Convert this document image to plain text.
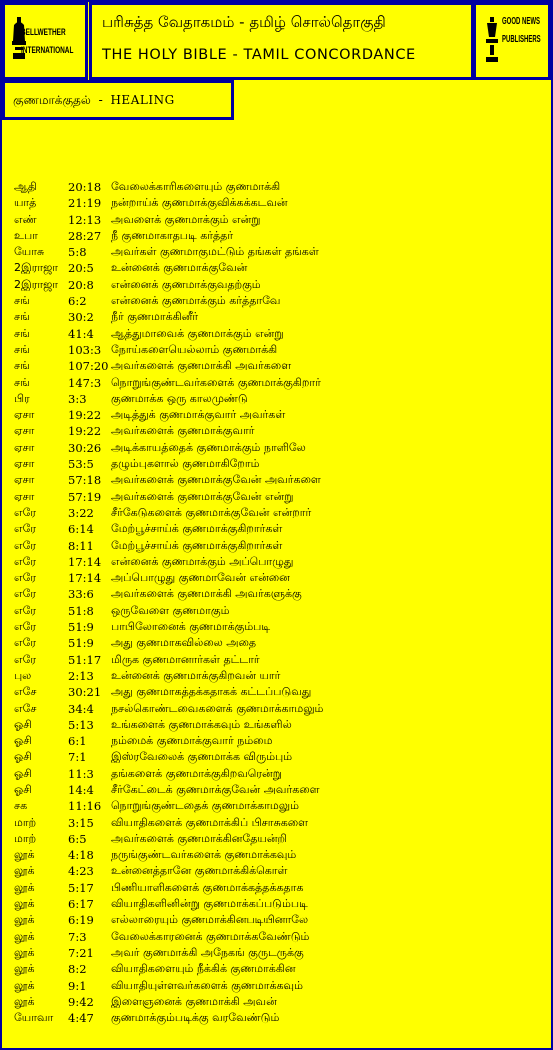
BELLWETHER
INTERNATIONAL
பரிசுத்த வேதாகமம் - தமிழ் சொல்தொகுதி
THE HOLY BIBLE - TAMIL CONCORDANCE
GOOD NEWS
PUBLISHERS
குணமாக்குதல் - HEALING
ஆதி	20:18 வேலைக்காரிகளையும் குணமாக்கி
யாத்	21:19 நன்றாய்க் குணமாக்குவிக்கக்கடவன்
எண்	12:13 அவளைக் குணமாக்கும் என்று
உபா	28:27 நீ குணமாகாதபடி கர்த்தர்
யோசு 5:8 அவர்கள் குணமாகுமட்டும் தங்கள் தங்கள்
2இராஜா 20:5 உன்னைக் குணமாக்குவேன்
2இராஜா 20:8 என்னைக் குணமாக்குவதற்கும்
சங்	6:2 என்னைக் குணமாக்கும் கர்த்தாவே
சங்	30:2 நீர் குணமாக்கினீர்
சங்	41:4 ஆத்துமாவைக் குணமாக்கும் என்று
சங்	103:3 நோய்களையெல்லாம் குணமாக்கி
சங்	107:20 அவர்களைக் குணமாக்கி அவர்களை
சங்	147:3 நொறுங்குண்டவர்களைக் குணமாக்குகிறார்
பிர	3:3 குணமாக்க ஒரு காலமுண்டு
ஏசா	19:22 அடித்துக் குணமாக்குவார் அவர்கள்
ஏசா	19:22 அவர்களைக் குணமாக்குவார்
ஏசா	30:26 அடிக்காயத்தைக் குணமாக்கும் நாளிலே
ஏசா	53:5 தழும்புகளால் குணமாகிறோம்
ஏசா	57:18 அவர்களைக் குணமாக்குவேன் அவர்களை
ஏசா	57:19 அவர்களைக் குணமாக்குவேன் என்று
எரே	3:22 சீர்கேடுகளைக் குணமாக்குவேன் என்றார்
எரே	6:14 மேற்பூச்சாய்க் குணமாக்குகிறார்கள்
எரே	8:11 மேற்பூச்சாய்க் குணமாக்குகிறார்கள்
எரே	17:14 என்னைக் குணமாக்கும் அப்பொழுது
எரே	17:14 அப்பொழுது குணமாவேன் என்னை
எரே	33:6 அவர்களைக் குணமாக்கி அவர்களுக்கு
எரே	51:8 ஒருவேளை குணமாகும்
எரே	51:9 பாபிலோனைக் குணமாக்கும்படி
எரே	51:9 அது குணமாகவில்லை அதை
எரே	51:17 மிருக குணமானார்கள் தட்டார்
புல	2:13 உன்னைக் குணமாக்குகிறவன் யார்
எசே	30:21 அது குணமாகத்தக்கதாகக் கட்டப்படுவது
எசே	34:4 நசல்கொண்டவைகளைக் குணமாக்காமலும்
ஓசி	5:13 உங்களைக் குணமாக்கவும் உங்களில்
ஓசி	6:1 நம்மைக் குணமாக்குவார் நம்மை
ஓசி	7:1 இஸ்ரவேலைக் குணமாக்க விரும்பும்
ஓசி	11:3 தங்களைக் குணமாக்குகிறவரென்று
ஓசி	14:4 சீர்கேட்டைக் குணமாக்குவேன் அவர்களை
சக	11:16 நொறுங்குண்டதைக் குணமாக்காமலும்
மாற்	3:15 வியாதிகளைக் குணமாக்கிப் பிசாசுகளை
மாற்	6:5 அவர்களைக் குணமாக்கினதேயன்றி
லூக்	4:18 நருங்குண்டவர்களைக் குணமாக்கவும்
லூக்	4:23 உன்னைத்தானே குணமாக்கிக்கொள்
லூக்	5:17 பிணியாளிகளைக் குணமாக்கத்தக்கதாக
லூக்	6:17 வியாதிகளினின்று குணமாக்கப்படும்படி
லூக்	6:19 எல்லாரையும் குணமாக்கினபடியினாலே
லூக்	7:3 வேலைக்காரனைக் குணமாக்கவேண்டும்
லூக்	7:21 அவர் குணமாக்கி அநேகங் குருடருக்கு
லூக்	8:2 வியாதிகளையும் நீக்கிக் குணமாக்கின
லூக்	9:1 வியாதியுள்ளவர்களைக் குணமாக்கவும்
லூக்	9:42 இளைஞனைக் குணமாக்கி அவன்
யோவா 4:47 குணமாக்கும்படிக்கு வரவேண்டும்
